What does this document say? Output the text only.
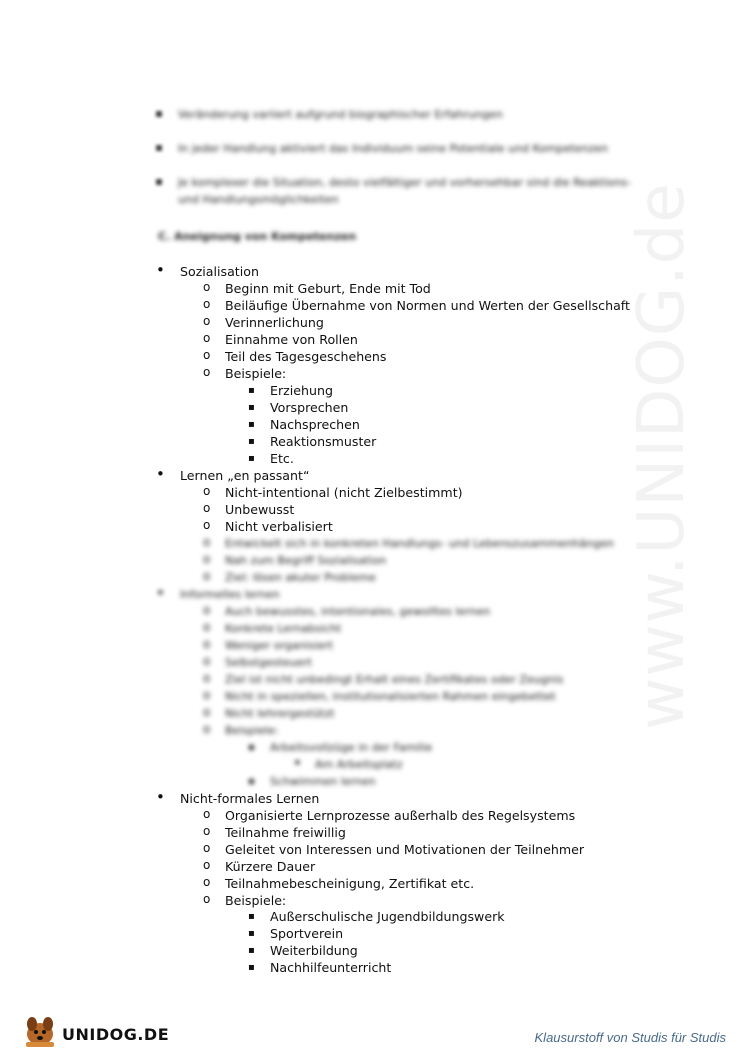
www.UNIDOG.de
Veränderung variiert aufgrund biographischer Erfahrungen
In jeder Handlung aktiviert das Individuum seine Potentiale und Kompetenzen
Je komplexer die Situation, desto vielfältiger und vorhersehbar sind die Reaktions- und Handlungsmöglichkeiten
C. Aneignung von Kompetenzen
Sozialisation
Beginn mit Geburt, Ende mit Tod
Beiläufige Übernahme von Normen und Werten der Gesellschaft
Verinnerlichung
Einnahme von Rollen
Teil des Tagesgeschehens
Beispiele:
Erziehung
Vorsprechen
Nachsprechen
Reaktionsmuster
Etc.
Lernen „en passant“
Nicht-intentional (nicht Zielbestimmt)
Unbewusst
Nicht verbalisiert
Entwickelt sich in konkreten Handlungs- und Lebenszusammenhängen
Nah zum Begriff Sozialisation
Ziel: lösen akuter Probleme
Informelles lernen
Auch bewusstes, intentionales, gewolltes lernen
Konkrete Lernabsicht
Weniger organisiert
Selbstgesteuert
Ziel ist nicht unbedingt Erhalt eines Zertifikates oder Zeugnis
Nicht in speziellen, institutionalisierten Rahmen eingebettet
Nicht lehrergestützt
Beispiele:
Arbeitsvollzüge in der Familie
Am Arbeitsplatz
Schwimmen lernen
Nicht-formales Lernen
Organisierte Lernprozesse außerhalb des Regelsystems
Teilnahme freiwillig
Geleitet von Interessen und Motivationen der Teilnehmer
Kürzere Dauer
Teilnahmebescheinigung, Zertifikat etc.
Beispiele:
Außerschulische Jugendbildungswerk
Sportverein
Weiterbildung
Nachhilfeunterricht
UNIDOG.DE	Klausurstoff von Studis für Studis
